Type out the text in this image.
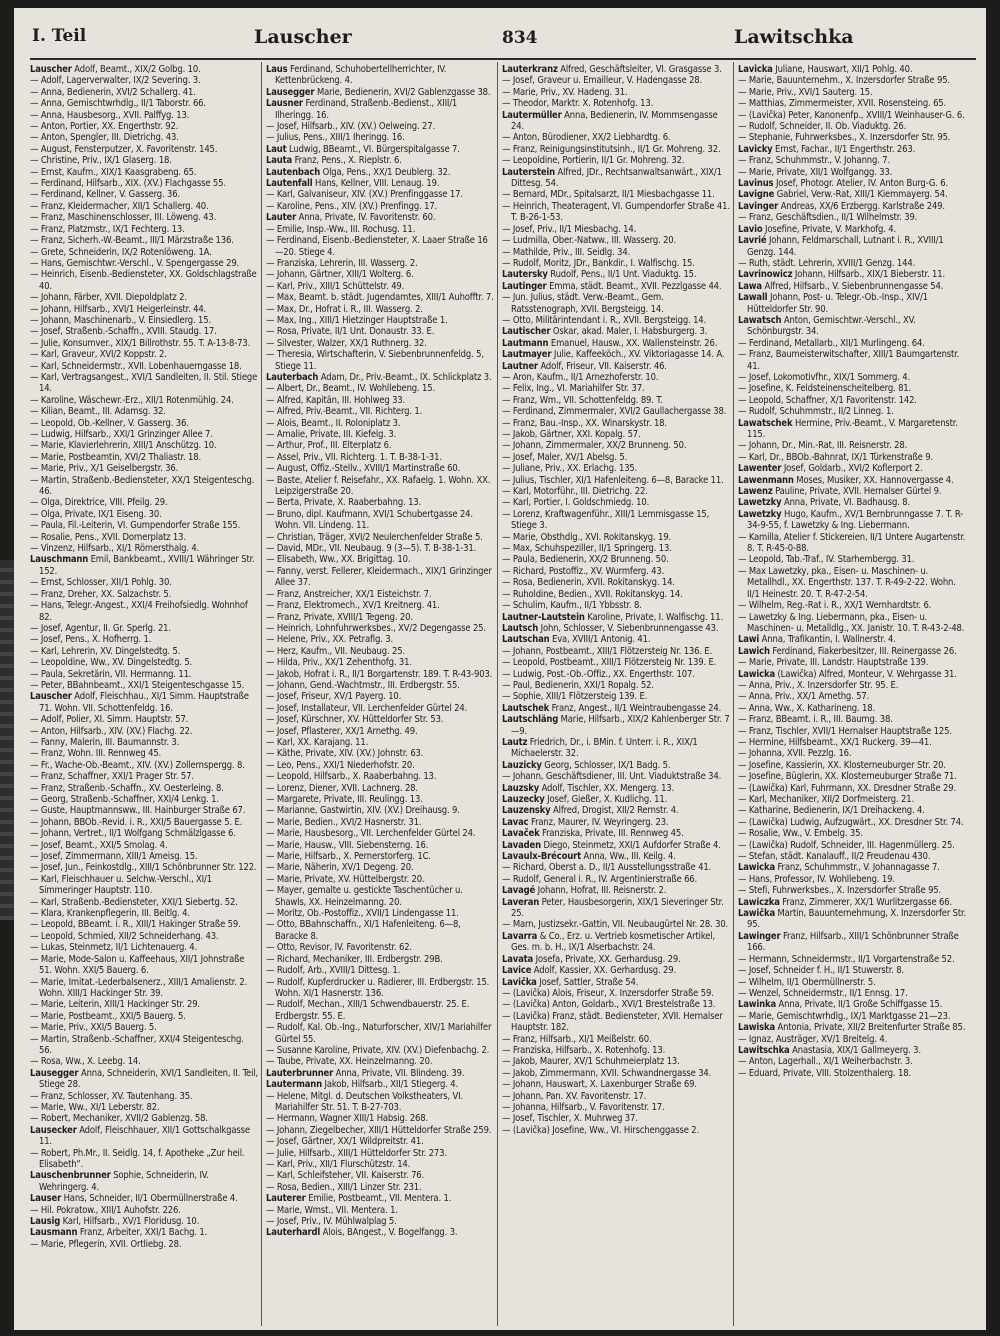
I. Teil	Lauscher	834	Lawitschka
Lauscher Adolf, Beamt., XIX/2 Golbg. 10.
— Adolf, Lagerverwalter, IX/2 Severing. 3.
— Anna, Bedienerin, XVI/2 Schallerg. 41.
— Anna, Gemischtwrhdlg., II/1 Taborstr. 66.
— Anna, Hausbesorg., XVII. Palffyg. 13.
— Anton, Portier, XX. Engerthstr. 92.
— Anton, Spengler, III. Dietrichg. 43.
— August, Fensterputzer, X. Favoritenstr. 145.
— Christine, Priv., IX/1 Glaserg. 18.
— Ernst, Kaufm., XIX/1 Kaasgrabeng. 65.
— Ferdinand, Hilfsarb., XIX. (XV.) Flachgasse 55.
— Ferdinand, Kellner, V. Gasserg. 36.
— Franz, Kleidermacher, XII/1 Schallerg. 40.
— Franz, Maschinenschlosser, III. Löweng. 43.
— Franz, Platzmstr., IX/1 Fechterg. 13.
— Franz, Sicherh.-W.-Beamt., III/1 Märzstraße 136.
— Grete, Schneiderin, IX/2 Rotenlöweng. 1A.
— Hans, Gemischtwr.-Verschl., V. Spengergasse 29.
— Heinrich, Eisenb.-Bediensteter, XX. Goldschlagstraße 40.
— Johann, Färber, XVII. Diepoldplatz 2.
— Johann, Hilfsarb., XVI/1 Heigerleinstr. 44.
— Johann, Maschinenarb., V. Einsiedlerg. 15.
— Josef, Straßenb.-Schaffn., XVIII. Staudg. 17.
— Julie, Konsumver., XIX/1 Billrothstr. 55. T. A-13-8-73.
— Karl, Graveur, XVI/2 Koppstr. 2.
— Karl, Schneidermstr., XVII. Lobenhauerngasse 18.
— Karl, Vertragsangest., XVI/1 Sandleiten, II. Stil. Stiege 14.
— Karoline, Wäschewr.-Erz., XII/1 Rotenmühlg. 24.
— Kilian, Beamt., III. Adamsg. 32.
— Leopold, Ob.-Kellner, V. Gasserg. 36.
— Ludwig, Hilfsarb., XXI/1 Grinzinger Allee 7.
— Marie, Klavierlehrerin, XIII/1 Anschützg. 10.
— Marie, Postbeamtin, XVI/2 Thaliastr. 18.
— Marie, Priv., X/1 Geiselbergstr. 36.
— Martin, Straßenb.-Bediensteter, XX/1 Steigenteschg. 46.
— Olga, Direktrice, VIII. Pfeilg. 29.
— Olga, Private, IX/1 Eiseng. 30.
— Paula, Fil.-Leiterin, VI. Gumpendorfer Straße 155.
— Rosalie, Pens., XVII. Dornerplatz 13.
— Vinzenz, Hilfsarb., XI/1 Römersthalg. 4.
Lauschmann Emil, Bankbeamt., XVIII/1 Währinger Str. 152.
— Ernst, Schlosser, XII/1 Pohlg. 30.
— Franz, Dreher, XX. Salzachstr. 5.
— Hans, Telegr.-Angest., XXI/4 Freihofsiedlg. Wohnhof 82.
— Josef, Agentur, II. Gr. Sperlg. 21.
— Josef, Pens., X. Hofherrg. 1.
— Karl, Lehrerin, XV. Dingelstedtg. 5.
— Leopoldine, Ww., XV. Dingelstedtg. 5.
— Paula, Sekretärin, VII. Hermanng. 11.
— Peter, BBahnbeamt., XXI/1 Steigenteschgasse 15.
Lauscher Adolf, Fleischhau., XI/1 Simm. Hauptstraße 71. Wohn. VII. Schottenfeldg. 16.
— Adolf, Polier, XI. Simm. Hauptstr. 57.
— Anton, Hilfsarb., XIV. (XV.) Flachg. 22.
— Fanny, Malerin, III. Baumannstr. 3.
— Franz, Wohn. III. Rennweg 45.
— Fr., Wache-Ob.-Beamt., XIV. (XV.) Zollernspergg. 8.
— Franz, Schaffner, XXI/1 Prager Str. 57.
— Franz, Straßenb.-Schaffn., XV. Oesterleing. 8.
— Georg, Straßenb.-Schaffner, XXI/4 Lenkg. 1.
— Guste, Hauptmannsww., III. Hainburger Straße 67.
— Johann, BBOb.-Revid. i. R., XXI/5 Bauergasse 5. E.
— Johann, Vertret., II/1 Wolfgang Schmälzlgasse 6.
— Josef, Beamt., XXI/5 Smolag. 4.
— Josef, Zimmermann, XIII/1 Ameisg. 15.
— Josef, Jun., Feinkostdlg., XIII/1 Schönbrunner Str. 122.
— Karl, Fleischhauer u. Selchw.-Verschl., XI/1 Simmeringer Hauptstr. 110.
— Karl, Straßenb.-Bediensteter, XXI/1 Siebertg. 52.
— Klara, Krankenpflegerin, III. Beitlg. 4.
— Leopold, BBeamt. i. R., XIII/1 Hakinger Straße 59.
— Leopold, Schmied, XII/2 Schneiderhang. 43.
— Lukas, Steinmetz, II/1 Lichtenauerg. 4.
— Marie, Mode-Salon u. Kaffeehaus, XII/1 Johnstraße 51. Wohn. XXI/5 Bauerg. 6.
— Marie, Imitat.-Lederbalsenerz., XIII/1 Amalienstr. 2. Wohn. XIII/1 Hackinger Str. 39.
— Marie, Leiterin, XIII/1 Hackinger Str. 29.
— Marie, Postbeamt., XXI/5 Bauerg. 5.
— Marie, Priv., XXI/5 Bauerg. 5.
— Martin, Straßenb.-Schaffner, XXI/4 Steigenteschg. 56.
— Rosa, Ww., X. Leebg. 14.
Lausegger Anna, Schneiderin, XVI/1 Sandleiten, II. Teil, Stiege 28.
— Franz, Schlosser, XV. Tautenhang. 35.
— Marie, Ww., XI/1 Leberstr. 82.
— Robert, Mechaniker, XVII/2 Gablenzg. 58.
Lausecker Adolf, Fleischhauer, XII/1 Gottschalkgasse 11.
— Robert, Ph.Mr., II. Seidlg. 14, f. Apotheke „Zur heil. Elisabeth“.
Lauschenbrunner Sophie, Schneiderin, IV. Wehringerg. 4.
Lauser Hans, Schneider, II/1 Obermüllnerstraße 4.
— Hil. Pokratow., XIII/1 Auhofstr. 226.
Lausig Karl, Hilfsarb., XV/1 Floridusg. 10.
Lausmann Franz, Arbeiter, XXI/1 Bachg. 1.
— Marie, Pflegerin, XVII. Ortliebg. 28.
Laus Ferdinand, Schuhobertellherrichter, IV. Kettenbrückeng. 4.
Lausegger Marie, Bedienerin, XVI/2 Gablenzgasse 38.
Lausner Ferdinand, Straßenb.-Bedienst., XIII/1 Ilheringg. 16.
— Josef, Hilfsarb., XIV. (XV.) Oelweing. 27.
— Julius, Pens., XIII/1 Iheringg. 16.
Laut Ludwig, BBeamt., VI. Bürgerspitalgasse 7.
Lauta Franz, Pens., X. Rieplstr. 6.
Lautenbach Olga, Pens., XX/1 Deublerg. 32.
Lautenfall Hans, Kellner, VIII. Lenaug. 19.
— Karl, Galvaniseur, XIV. (XV.) Prenfinggasse 17.
— Karoline, Pens., XIV. (XV.) Prenfingg. 17.
Lauter Anna, Private, IV. Favoritenstr. 60.
— Emilie, Insp.-Ww., III. Rochusg. 11.
— Ferdinand, Eisenb.-Bediensteter, X. Laaer Straße 16—20. Stiege 4.
— Franziska, Lehrerin, III. Wasserg. 2.
— Johann, Gärtner, XIII/1 Wolterg. 6.
— Karl, Priv., XIII/1 Schüttelstr. 49.
— Max, Beamt. b. städt. Jugendamtes, XIII/1 Auhofftr. 7.
— Max, Dr., Hofrat i. R., III. Wasserg. 2.
— Max, Ing., XIII/1 Hietzinger Hauptstraße 1.
— Rosa, Private, II/1 Unt. Donaustr. 33. E.
— Silvester, Walzer, XX/1 Ruthnerg. 32.
— Theresia, Wirtschafterin, V. Siebenbrunnenfeldg. 5, Stiege 11.
Lauterbach Adam, Dr., Priv.-Beamt., IX. Schlickplatz 3.
— Albert, Dr., Beamt., IV. Wohllebeng. 15.
— Alfred, Kapitän, III. Hohlweg 33.
— Alfred, Priv.-Beamt., VII. Richterg. 1.
— Alois, Beamt., II. Roloniplatz 3.
— Amalie, Private, III. Kiefelg. 3.
— Arthur, Prof., III. Elterplatz 6.
— Assel, Priv., VII. Richterg. 1. T. B-38-1-31.
— August, Offiz.-Stellv., XVIII/1 Martinstraße 60.
— Baste, Atelier f. Reisefahr., XX. Rafaelg. 1. Wohn. XX. Leipzigerstraße 20.
— Berta, Private, X. Raaberbahng. 13.
— Bruno, dipl. Kaufmann, XVI/1 Schubertgasse 24. Wohn. VII. Lindeng. 11.
— Christian, Träger, XVI/2 Neulerchenfelder Straße 5.
— David, MDr., VII. Neubaug. 9 (3—5). T. B-38-1-31.
— Elisabeth, Ww., XX. Brigittag. 10.
— Fanny, verst. Fellerer, Kleidermach., XIX/1 Grinzinger Allee 37.
— Franz, Anstreicher, XX/1 Eisteichstr. 7.
— Franz, Elektromech., XV/1 Kreitnerg. 41.
— Franz, Private, XVIII/1 Tegeng. 20.
— Heinrich, Lohnfuhrwerksbes., XV/2 Degengasse 25.
— Helene, Priv., XX. Petraflg. 3.
— Herz, Kaufm., VII. Neubaug. 25.
— Hilda, Priv., XX/1 Zehenthofg. 31.
— Jakob, Hofrat i. R., II/1 Borgartenstr. 189. T. R-43-903.
— Johann, Gend.-Wachtmstr., III. Erdbergstr. 55.
— Josef, Friseur, XV/1 Payerg. 10.
— Josef, Installateur, VII. Lerchenfelder Gürtel 24.
— Josef, Kürschner, XV. Hütteldorfer Str. 53.
— Josef, Pflasterer, XX/1 Arnethg. 49.
— Karl, XX. Karajang. 11.
— Käthe, Private, XIV. (XV.) Johnstr. 63.
— Leo, Pens., XXI/1 Niederhofstr. 20.
— Leopold, Hilfsarb., X. Raaberbahng. 13.
— Lorenz, Diener, XVII. Lachnerg. 28.
— Margarete, Private, III. Reulingg. 13.
— Marianne, Gastwirtin, XIV. (XV.) Dreihausg. 9.
— Marie, Bedien., XVI/2 Hasnerstr. 31.
— Marie, Hausbesorg., VII. Lerchenfelder Gürtel 24.
— Marie, Hausw., VIII. Siebensterng. 16.
— Marie, Hilfsarb., X. Pernerstorferg. 1C.
— Marie, Näherin, XV/1 Degeng. 20.
— Marie, Private, XV. Hüttelbergstr. 20.
— Mayer, gemalte u. gestickte Taschentücher u. Shawls, XX. Heinzelmanng. 20.
— Moritz, Ob.-Postoffiz., XVII/1 Lindengasse 11.
— Otto, BBahnschaffn., XI/1 Hafenleiteng. 6—8, Baracke 8.
— Otto, Revisor, IV. Favoritenstr. 62.
— Richard, Mechaniker, III. Erdbergstr. 29B.
— Rudolf, Arb., XVIII/1 Dittesg. 1.
— Rudolf, Kupferdrucker u. Radierer, III. Erdbergstr. 15. Wohn. XI/1 Hasnerstr. 136.
— Rudolf, Mechan., XIII/1 Schwendbauerstr. 25. E. Erdbergstr. 55. E.
— Rudolf, Kal. Ob.-Ing., Naturforscher, XIV/1 Mariahilfer Gürtel 55.
— Susanne Karoline, Private, XIV. (XV.) Diefenbachg. 2.
— Taube, Private, XX. Heinzelmanng. 20.
Lauterbrunner Anna, Private, VII. Blindeng. 39.
Lautermann Jakob, Hilfsarb., XII/1 Stiegerg. 4.
— Helene, Mitgl. d. Deutschen Volkstheaters, VI. Mariahilfer Str. 51. T. B-27-703.
— Hermann, Wagner XIII/1 Habsig. 268.
— Johann, Ziegelbecher, XIII/1 Hütteldorfer Straße 259.
— Josef, Gärtner, XX/1 Wildpreitstr. 41.
— Julie, Hilfsarb., XIII/1 Hütteldorfer Str. 273.
— Karl, Priv., XII/1 Flurschützstr. 14.
— Karl, Schleifsteher, VII. Kaiserstr. 76.
— Rosa, Bedien., XIII/1 Linzer Str. 231.
Lauterer Emilie, Postbeamt., VII. Mentera. 1.
— Marie, Wmst., VII. Mentera. 1.
— Josef, Priv., IV. Mühlwalplag 5.
Lauterhardl Alois, BAngest., V. Bogelfangg. 3.
Lauterkranz Alfred, Geschäftsleiter, VI. Grasgasse 3.
— Josef, Graveur u. Emailleur, V. Hadengasse 28.
— Marie, Priv., XV. Hadeng. 31.
— Theodor, Marktr. X. Rotenhofg. 13.
Lautermüller Anna, Bedienerin, IV. Mommsengasse 24.
— Anton, Bürodiener, XX/2 Liebhardtg. 6.
— Franz, Reinigungsinstitutsinh., II/1 Gr. Mohreng. 32.
— Leopoldine, Portierin, II/1 Gr. Mohreng. 32.
Lauterstein Alfred, JDr., Rechtsanwaltsanwärt., XIX/1 Dittesg. 54.
— Bernard, MDr., Spitalsarzt, II/1 Miesbachgasse 11.
— Heinrich, Theateragent, VI. Gumpendorfer Straße 41. T. B-26-1-53.
— Josef, Priv., II/1 Miesbachg. 14.
— Ludmilla, Ober.-Natww., III. Wasserg. 20.
— Mathilde, Priv., III. Seidlg. 34.
— Rudolf, Moritz, JDr., Bankdir., I. Walfischg. 15.
Lautersky Rudolf, Pens., II/1 Unt. Viaduktg. 15.
Lautinger Emma, städt. Beamt., XVII. Pezzlgasse 44.
— Jun. Julius, städt. Verw.-Beamt., Gem. Ratsstenograph, XVII. Bergsteigg. 14.
— Otto, Militärintendant i. R., XVII. Bergsteigg. 14.
Lautischer Oskar, akad. Maler, I. Habsburgerg. 3.
Lautmann Emanuel, Hausw., XX. Wallensteinstr. 26.
Lautmayer Julie, Kaffeeköch., XV. Viktoriagasse 14. A.
Lautner Adolf, Friseur, VII. Kaiserstr. 46.
— Aron, Kaufm., II/1 Arnezhoferstr. 10.
— Felix, Ing., VI. Mariahilfer Str. 37.
— Franz, Wm., VII. Schottenfeldg. 89. T.
— Ferdinand, Zimmermaler, XVI/2 Gaullachergasse 38.
— Franz, Bau.-Insp., XX. Winarskystr. 18.
— Jakob, Gärtner, XXI. Kopalg. 57.
— Johann, Zimmermaler, XX/2 Brunneng. 50.
— Josef, Maler, XV/1 Abelsg. 5.
— Juliane, Priv., XX. Erlachg. 135.
— Julius, Tischler, XI/1 Hafenleiteng. 6—8, Baracke 11.
— Karl, Motorführ., III. Dietrichg. 22.
— Karl, Portier, I. Goldschmiedg. 10.
— Lorenz, Kraftwagenführ., XIII/1 Lemmisgasse 15, Stiege 3.
— Marie, Obsthdlg., XVI. Rokitanskyg. 19.
— Max, Schuhspeziller, II/1 Springerg. 13.
— Paula, Bedienerin, XX/2 Brunneng. 50.
— Richard, Postoffiz., XV. Wurmferg. 43.
— Rosa, Bedienerin, XVII. Rokitanskyg. 14.
— Ruholdine, Bedien., XVII. Rokitanskyg. 14.
— Schulim, Kaufm., II/1 Ybbsstr. 8.
Lautner-Lautstein Karoline, Private, I. Walfischg. 11.
Lautsch John, Schlosser, V. Siebenbrunnengasse 43.
Lautschan Eva, XVIII/1 Antonig. 41.
— Johann, Postbeamt., XIII/1 Flötzersteig Nr. 136. E.
— Leopold, Postbeamt., XIII/1 Flötzersteig Nr. 139. E.
— Ludwig, Post.-Ob.-Offiz., XX. Engerthstr. 107.
— Paul, Bedienerin, XXI/1 Ropalg. 52.
— Sophie, XIII/1 Flötzersteig 139. E.
Lautschek Franz, Angest., II/1 Weintraubengasse 24.
Lautschläng Marie, Hilfsarb., XIX/2 Kahlenberger Str. 7—9.
Lautz Friedrich, Dr., i. BMin. f. Unterr. i. R., XIX/1 Michaelerstr. 32.
Lauzicky Georg, Schlosser, IX/1 Badg. 5.
— Johann, Geschäftsdiener, III. Unt. Viaduktstraße 34.
Lauzsky Adolf, Tischler, XX. Mengerg. 13.
Lauzecky Josef, Gießer, X. Kudlichg. 11.
Lauzensky Alfred, Drogist, XII/2 Rernstr. 4.
Lavac Franz, Maurer, IV. Weyringerg. 23.
Lavaček Franziska, Private, III. Rennweg 45.
Lavaden Diego, Steinmetz, XXI/1 Aufdorfer Straße 4.
Lavaulx-Brécourt Anna, Ww., III. Keilg. 4.
— Richard, Oberst a. D., II/1 Ausstellungsstraße 41.
— Rudolf, General i. R., IV. Argentinierstraße 66.
Lavagé Johann, Hofrat, III. Reisnerstr. 2.
Laveran Peter, Hausbesorgerin, XIX/1 Sieveringer Str. 25.
— Marn, Justizsekr.-Gattin, VII. Neubaugürtel Nr. 28. 30.
Lavarra & Co., Erz. u. Vertrieb kosmetischer Artikel, Ges. m. b. H., IX/1 Alserbachstr. 24.
Lavata Josefa, Private, XX. Gerhardusg. 29.
Lavice Adolf, Kassier, XX. Gerhardusg. 29.
Lavička Josef, Sattler, Straße 54.
— (Lavička) Alois, Friseur, X. Inzersdorfer Straße 59.
— (Lavička) Anton, Goldarb., XVI/1 Brestelstraße 13.
— (Lavička) Franz, städt. Bediensteter, XVII. Hernalser Hauptstr. 182.
— Franz, Hilfsarb., XI/1 Meißelstr. 60.
— Franziska, Hilfsarb., X. Rotenhofg. 13.
— Jakob, Maurer, XV/1 Schuhmeierplatz 13.
— Jakob, Zimmermann, XVII. Schwandnergasse 34.
— Johann, Hauswart, X. Laxenburger Straße 69.
— Johann, Pan. XV. Favoritenstr. 17.
— Johanna, Hilfsarb., V. Favoritenstr. 17.
— Josef, Tischler, X. Muhrweg 37.
— (Lavička) Josefine, Ww., VI. Hirschenggasse 2.
Lavicka Juliane, Hauswart, XII/1 Pohlg. 40.
— Marie, Bauunternehm., X. Inzersdorfer Straße 95.
— Marie, Priv., XVI/1 Sauterg. 15.
— Matthias, Zimmermeister, XVII. Rosensteing. 65.
— (Lavička) Peter, Kanonenfp., XVIII/1 Weinhauser-G. 6.
— Rudolf, Schneider, II. Ob. Viaduktg. 26.
— Stephanie, Fuhrwerksbes., X. Inzersdorfer Str. 95.
Lavicky Ernst, Fachar., II/1 Engerthstr. 263.
— Franz, Schuhmmstr., V. Johanng. 7.
— Marie, Private, XII/1 Wolfgangg. 33.
Lavinus Josef, Photogr. Atelier, IV. Anton Burg-G. 6.
Lavigne Gabriel, Verw.-Rat, XIII/1 Kiemmayerg. 54.
Lavinger Andreas, XX/6 Erzbergg. Karlstraße 249.
— Franz, Geschäftsdien., II/1 Wilhelmstr. 39.
Lavio Josefine, Private, V. Markhofg. 4.
Lavrié Johann, Feldmarschall, Lutnant i. R., XVIII/1 Genzg. 144.
— Ruth, städt. Lehrerin, XVIII/1 Genzg. 144.
Lavrinowicz Johann, Hilfsarb., XIX/1 Bieberstr. 11.
Lawa Alfred, Hilfsarb., V. Siebenbrunnengasse 54.
Lawall Johann, Post- u. Telegr.-Ob.-Insp., XIV/1 Hütteldorfer Str. 90.
Lawatsch Anton, Gemischtwr.-Verschl., XV. Schönburgstr. 34.
— Ferdinand, Metallarb., XII/1 Murlingeng. 64.
— Franz, Baumeisterwitschafter, XIII/1 Baumgartenstr. 41.
— Josef, Lokomotivfhr., XIX/1 Sommerg. 4.
— Josefine, K. Feldsteinenscheitelberg. 81.
— Leopold, Schaffner, X/1 Favoritenstr. 142.
— Rudolf, Schuhmmstr., II/2 Linneg. 1.
Lawatschek Hermine, Priv.-Beamt., V. Margaretenstr. 115.
— Johann, Dr., Min.-Rat, III. Reisnerstr. 28.
— Karl, Dr., BBOb.-Bahnrat, IX/1 Türkenstraße 9.
Lawenter Josef, Goldarb., XVI/2 Koflerport 2.
Lawenmann Moses, Musiker, XX. Hannovergasse 4.
Lawenz Pauline, Private, XVII. Hernalser Gürtel 9.
Lawetzky Anna, Private, VI. Badhausg. 8.
Lawetzky Hugo, Kaufm., XV/1 Bernbrunngasse 7. T. R-34-9-55, f. Lawetzky & Ing. Liebermann.
— Kamilla, Atelier f. Stickereien, II/1 Untere Augartenstr. 8. T. R-45-0-88.
— Leopold, Tab.-Traf., IV. Starhembergg. 31.
— Max Lawetzky, pka., Eisen- u. Maschinen- u. Metallhdl., XX. Engerthstr. 137. T. R-49-2-22. Wohn. II/1 Heinestr. 20. T. R-47-2-54.
— Wilhelm, Reg.-Rat i. R., XX/1 Wernhardtstr. 6.
— Lawetzky & Ing. Liebermann, pka., Eisen- u. Maschinen- u. Metalldlg., XX. Janistr. 10. T. R-43-2-48.
Lawi Anna, Trafikantin, I. Wallnerstr. 4.
Lawich Ferdinand, Fiakerbesitzer, III. Reinergasse 26.
— Marie, Private, III. Landstr. Hauptstraße 139.
Lawicka (Lawička) Alfred, Monteur, V. Wehrgasse 31.
— Anna, Priv., X. Inzersdorfer Str. 95. E.
— Anna, Priv., XX/1 Arnethg. 57.
— Anna, Ww., X. Katharineng. 18.
— Franz, BBeamt. i. R., III. Baumg. 38.
— Franz, Tischler, XVII/1 Hernalser Hauptstraße 125.
— Hermine, Hilfsbeamt., XX/1 Ruckerg. 39—41.
— Johanna, XVII. Pezzlg. 16.
— Josefine, Kassierin, XX. Klosterneuburger Str. 20.
— Josefine, Büglerin, XX. Klosterneuburger Straße 71.
— (Lawička) Karl, Fuhrmann, XX. Dresdner Straße 29.
— Karl, Mechaniker, XII/2 Dorfmeisterg. 21.
— Katharine, Bedienerin, IX/1 Dreihackeng. 4.
— (Lawička) Ludwig, Aufzugwärt., XX. Dresdner Str. 74.
— Rosalie, Ww., V. Embelg. 35.
— (Lawička) Rudolf, Schneider, III. Hagenmüllerg. 25.
— Stefan, städt. Kanalauff., II/2 Freudenau 430.
Lawicka Franz, Schuhmmstr., V. Johannagasse 7.
— Hans, Professor, IV. Wohllebeng. 19.
— Stefi, Fuhrwerksbes., X. Inzersdorfer Straße 95.
Lawiczka Franz, Zimmerer, XX/1 Wurlitzergasse 66.
Lawička Martin, Bauunternehmung, X. Inzersdorfer Str. 95.
Lawinger Franz, Hilfsarb., XIII/1 Schönbrunner Straße 166.
— Hermann, Schneidermstr., II/1 Vorgartenstraße 52.
— Josef, Schneider f. H., II/1 Stuwerstr. 8.
— Wilhelm, II/1 Obermüllnerstr. 5.
— Wenzel, Schneidermstr., II/1 Ennsg. 17.
Lawinka Anna, Private, II/1 Große Schiffgasse 15.
— Marie, Gemischtwrhdlg., IX/1 Marktgasse 21—23.
Lawiska Antonia, Private, XII/2 Breitenfurter Straße 85.
— Ignaz, Austräger, XV/1 Breitelg. 4.
Lawitschka Anastasia, XIX/1 Gallmeyerg. 3.
— Anton, Lagerhall., XI/1 Weiherbachstr. 3.
— Eduard, Private, VIII. Stolzenthalerg. 18.
